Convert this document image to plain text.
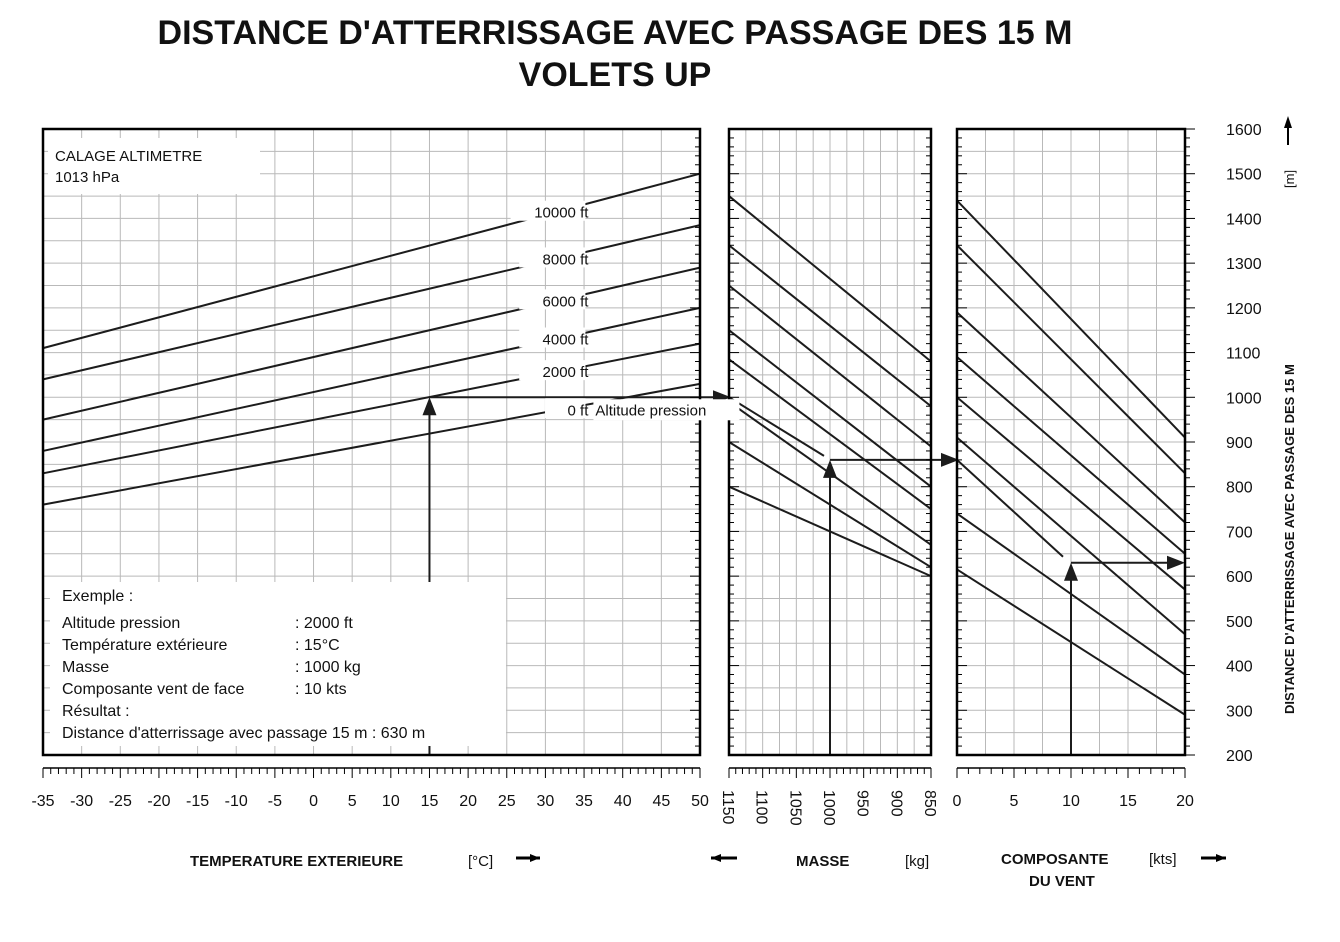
DISTANCE D'ATTERRISSAGE AVEC PASSAGE DES 15 M
VOLETS UP
CALAGE ALTIMETRE
1013 hPa
Exemple :
Altitude pression	: 2000 ft
Température extérieure	: 15°C
Masse	: 1000 kg
Composante vent de face	: 10 kts
Résultat :
Distance d'atterrissage avec passage 15 m : 630 m
0 ft
2000 ft
4000 ft
6000 ft
8000 ft
10000 ft
Altitude pression
-35 -30 -25 -20 -15 -10 -5 0 5 10 15 20 25 30 35 40 45 50 1150 1100 1050 1000 950 900 850 0	5	10 15 20
200
300
400
500
600
700
800
900
1000
1100
1200
1300
1400
1500
1600
TEMPERATURE EXTERIEURE	[°C]	MASSE	[kg]	COMPOSANTE
DU VENT
[kts]
DISTANCE D'ATTERRISSAGE AVEC PASSAGE DES 15 M
[m]
